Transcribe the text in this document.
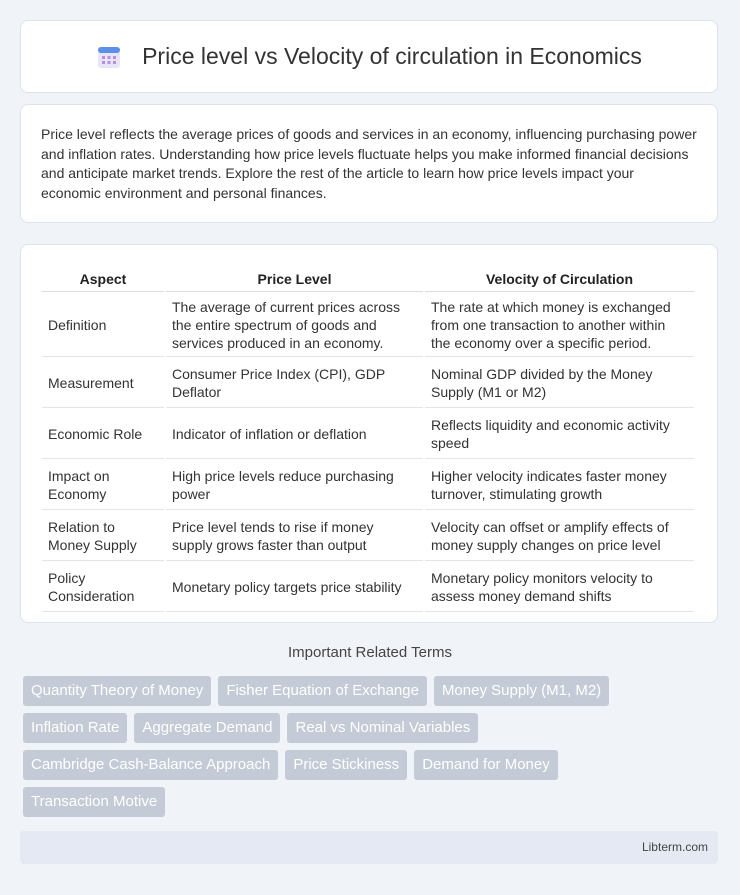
Price level vs Velocity of circulation in Economics

Price level reflects the average prices of goods and services in an economy, influencing purchasing power and inflation rates. Understanding how price levels fluctuate helps you make informed financial decisions and anticipate market trends. Explore the rest of the article to learn how price levels impact your economic environment and personal finances.

Aspect	Price Level	Velocity of Circulation
Definition	The average of current prices across the entire spectrum of goods and services produced in an economy.	The rate at which money is exchanged from one transaction to another within the economy over a specific period.
Measurement	Consumer Price Index (CPI), GDP Deflator	Nominal GDP divided by the Money Supply (M1 or M2)
Economic Role	Indicator of inflation or deflation	Reflects liquidity and economic activity speed
Impact on Economy	High price levels reduce purchasing power	Higher velocity indicates faster money turnover, stimulating growth
Relation to Money Supply	Price level tends to rise if money supply grows faster than output	Velocity can offset or amplify effects of money supply changes on price level
Policy Consideration	Monetary policy targets price stability	Monetary policy monitors velocity to assess money demand shifts
Important Related Terms
Quantity Theory of Money	Fisher Equation of Exchange	Money Supply (M1, M2)
Inflation Rate	Aggregate Demand	Real vs Nominal Variables
Cambridge Cash-Balance Approach	Price Stickiness	Demand for Money
Transaction Motive
Libterm.com
